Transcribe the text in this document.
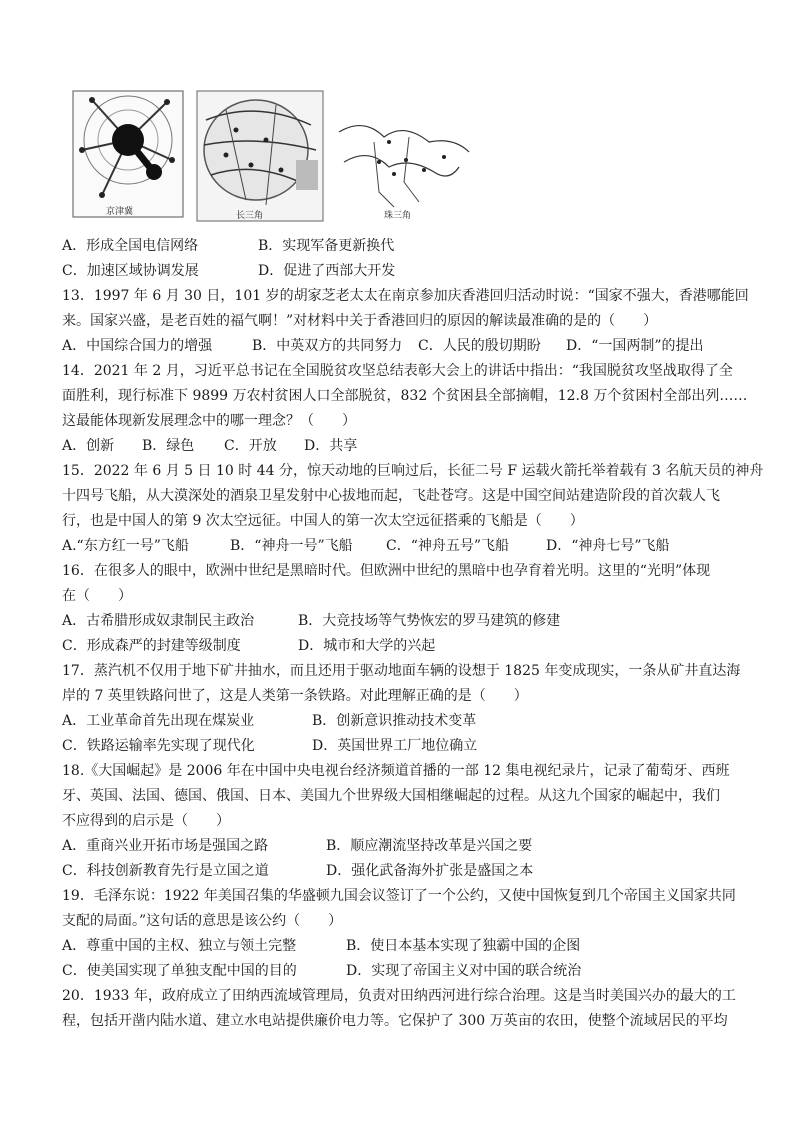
京津冀	长三角	珠三角
A．形成全国电信网络	B．实现军备更新换代
C．加速区域协调发展	D．促进了西部大开发
13．1997 年 6 月 30 日，101 岁的胡家芝老太太在南京参加庆香港回归活动时说：“国家不强大，香港哪能回
来。国家兴盛，是老百姓的福气啊！”对材料中关于香港回归的原因的解读最准确的是的（　　）
A．中国综合国力的增强	B．中英双方的共同努力 C．人民的殷切期盼 D．“一国两制”的提出
14．2021 年 2 月，习近平总书记在全国脱贫攻坚总结表彰大会上的讲话中指出：“我国脱贫攻坚战取得了全
面胜利，现行标准下 9899 万农村贫困人口全部脱贫，832 个贫困县全部摘帽，12.8 万个贫困村全部出列……
这最能体现新发展理念中的哪一理念？（　　）
A．创新 B．绿色 C．开放 D．共享
15．2022 年 6 月 5 日 10 时 44 分，惊天动地的巨响过后，长征二号 F 运载火箭托举着载有 3 名航天员的神舟
十四号飞船，从大漠深处的酒泉卫星发射中心拔地而起，飞赴苍穹。这是中国空间站建造阶段的首次载人飞
行，也是中国人的第 9 次太空远征。中国人的第一次太空远征搭乘的飞船是（　　）
A.“东方红一号”飞船	B．“神舟一号”飞船 C．“神舟五号”飞船	D．“神舟七号”飞船
16．在很多人的眼中，欧洲中世纪是黑暗时代。但欧洲中世纪的黑暗中也孕育着光明。这里的“光明”体现
在（　　）
A．古希腊形成奴隶制民主政治	B．大竞技场等气势恢宏的罗马建筑的修建
C．形成森严的封建等级制度	D．城市和大学的兴起
17．蒸汽机不仅用于地下矿井抽水，而且还用于驱动地面车辆的设想于 1825 年变成现实，一条从矿井直达海
岸的 7 英里铁路问世了，这是人类第一条铁路。对此理解正确的是（　　）
A．工业革命首先出现在煤炭业	B．创新意识推动技术变革
C．铁路运输率先实现了现代化	D．英国世界工厂地位确立
18.《大国崛起》是 2006 年在中国中央电视台经济频道首播的一部 12 集电视纪录片，记录了葡萄牙、西班
牙、英国、法国、德国、俄国、日本、美国九个世界级大国相继崛起的过程。从这九个国家的崛起中，我们
不应得到的启示是（　　）
A．重商兴业开拓市场是强国之路	B．顺应潮流坚持改革是兴国之要
C．科技创新教育先行是立国之道	D．强化武备海外扩张是盛国之本
19．毛泽东说：1922 年美国召集的华盛顿九国会议签订了一个公约，又使中国恢复到几个帝国主义国家共同
支配的局面。”这句话的意思是该公约（　　）
A．尊重中国的主权、独立与领土完整	B．使日本基本实现了独霸中国的企图
C．使美国实现了单独支配中国的目的	D．实现了帝国主义对中国的联合统治
20．1933 年，政府成立了田纳西流域管理局，负责对田纳西河进行综合治理。这是当时美国兴办的最大的工
程，包括开凿内陆水道、建立水电站提供廉价电力等。它保护了 300 万英亩的农田，使整个流域居民的平均
